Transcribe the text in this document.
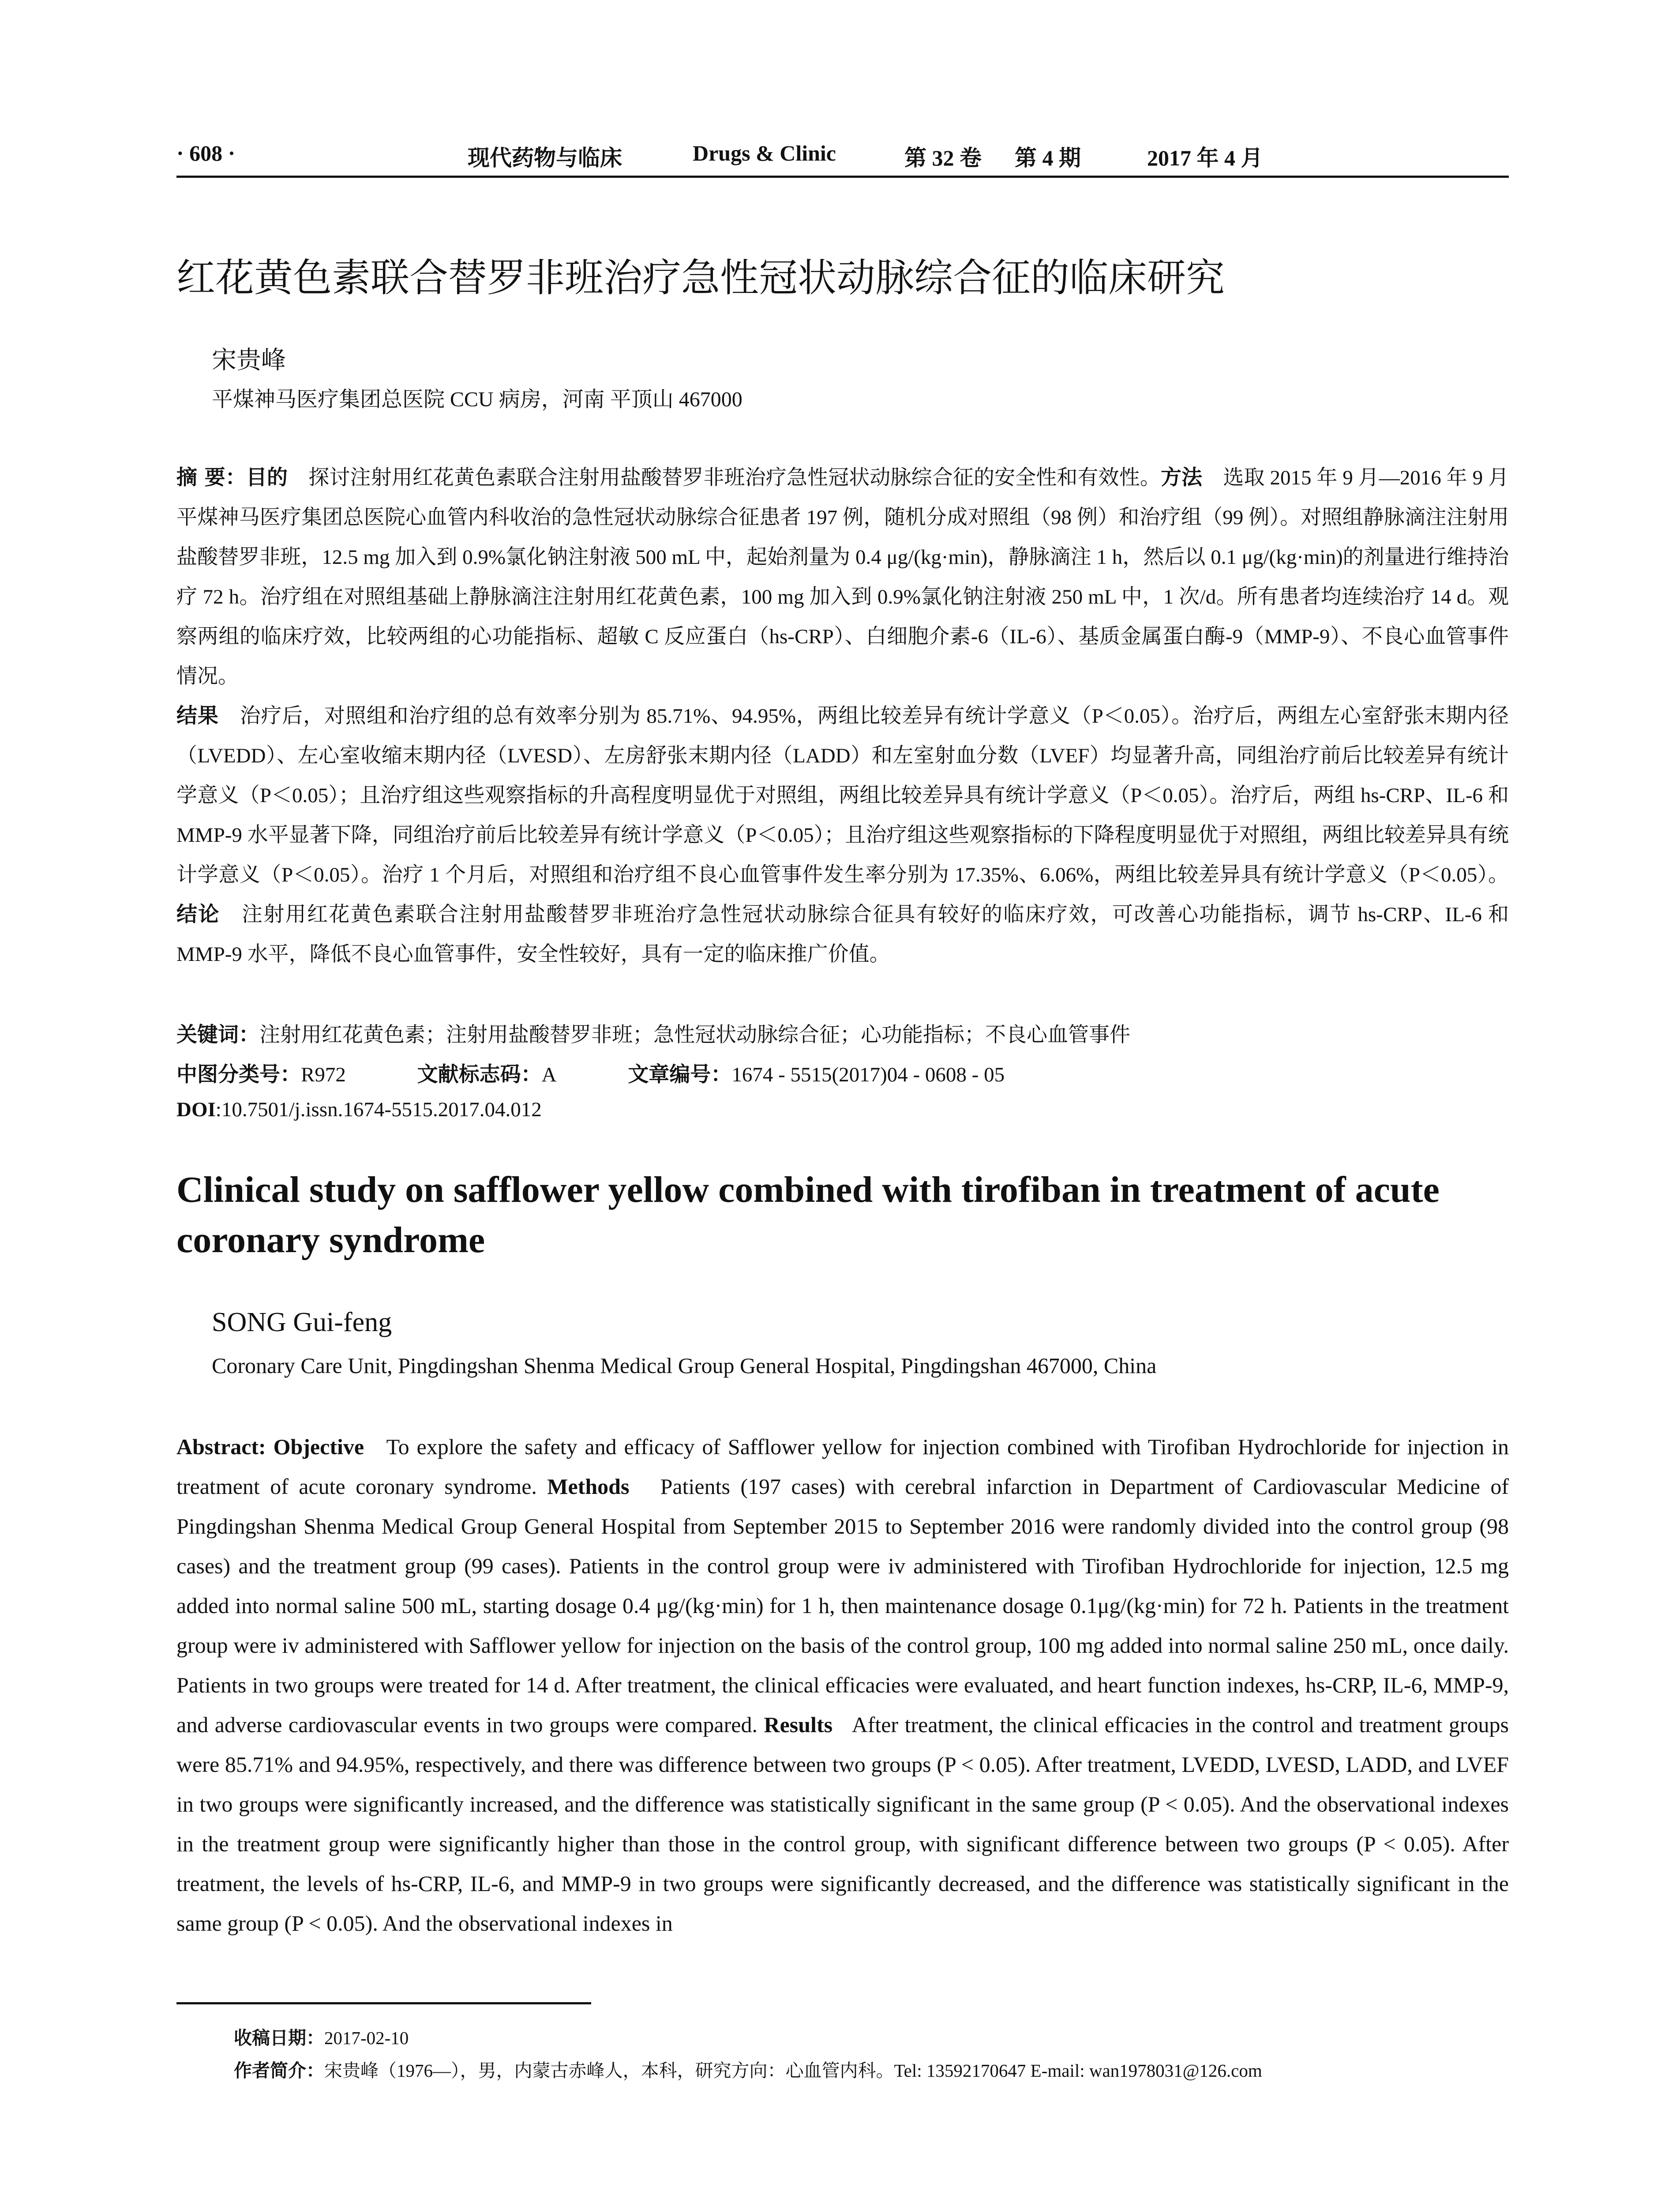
· 608 ·	现代药物与临床	Drugs & Clinic	第 32 卷 第 4 期	2017 年 4 月
红花黄色素联合替罗非班治疗急性冠状动脉综合征的临床研究
宋贵峰
平煤神马医疗集团总医院 CCU 病房，河南 平顶山 467000
摘 要：目的　 探讨注射用红花黄色素联合注射用盐酸替罗非班治疗急性冠状动脉综合征的安全性和有效性。方法　 选取 2015 年 9 月—2016 年 9 月平煤神马医疗集团总医院心血管内科收治的急性冠状动脉综合征患者 197 例，随机分成对照组（98 例）和治疗组（99 例）。对照组静脉滴注注射用盐酸替罗非班，12.5 mg 加入到 0.9%氯化钠注射液 500 mL 中，起始剂量为 0.4 μg/(kg·min)，静脉滴注 1 h，然后以 0.1 μg/(kg·min)的剂量进行维持治疗 72 h。治疗组在对照组基础上静脉滴注注射用红花黄色素，100 mg 加入到 0.9%氯化钠注射液 250 mL 中，1 次/d。所有患者均连续治疗 14 d。观察两组的临床疗效，比较两组的心功能指标、超敏 C 反应蛋白（hs-CRP）、白细胞介素-6（IL-6）、基质金属蛋白酶-9（MMP-9）、不良心血管事件情况。
结果　 治疗后，对照组和治疗组的总有效率分别为 85.71%、94.95%，两组比较差异有统计学意义（P＜0.05）。治疗后，两组左心室舒张末期内径（LVEDD）、左心室收缩末期内径（LVESD）、左房舒张末期内径（LADD）和左室射血分数（LVEF）均显著升高，同组治疗前后比较差异有统计学意义（P＜0.05）；且治疗组这些观察指标的升高程度明显优于对照组，两组比较差异具有统计学意义（P＜0.05）。治疗后，两组 hs-CRP、IL-6 和 MMP-9 水平显著下降，同组治疗前后比较差异有统计学意义（P＜0.05）；且治疗组这些观察指标的下降程度明显优于对照组，两组比较差异具有统计学意义（P＜0.05）。治疗 1 个月后，对照组和治疗组不良心血管事件发生率分别为 17.35%、6.06%，两组比较差异具有统计学意义（P＜0.05）。结论　 注射用红花黄色素联合注射用盐酸替罗非班治疗急性冠状动脉综合征具有较好的临床疗效，可改善心功能指标，调节 hs-CRP、IL-6 和 MMP-9 水平，降低不良心血管事件，安全性较好，具有一定的临床推广价值。
关键词：注射用红花黄色素；注射用盐酸替罗非班；急性冠状动脉综合征；心功能指标；不良心血管事件
中图分类号：R972	文献标志码：A	文章编号：1674 - 5515(2017)04 - 0608 - 05
DOI:10.7501/j.issn.1674-5515.2017.04.012
Clinical study on safflower yellow combined with tirofiban in treatment of acute coronary syndrome
SONG Gui-feng
Coronary Care Unit, Pingdingshan Shenma Medical Group General Hospital, Pingdingshan 467000, China
Abstract: Objective To explore the safety and efficacy of Safflower yellow for injection combined with Tirofiban Hydrochloride for injection in treatment of acute coronary syndrome. Methods Patients (197 cases) with cerebral infarction in Department of Cardiovascular Medicine of Pingdingshan Shenma Medical Group General Hospital from September 2015 to September 2016 were randomly divided into the control group (98 cases) and the treatment group (99 cases). Patients in the control group were iv administered with Tirofiban Hydrochloride for injection, 12.5 mg added into normal saline 500 mL, starting dosage 0.4 μg/(kg·min) for 1 h, then maintenance dosage 0.1μg/(kg·min) for 72 h. Patients in the treatment group were iv administered with Safflower yellow for injection on the basis of the control group, 100 mg added into normal saline 250 mL, once daily. Patients in two groups were treated for 14 d. After treatment, the clinical efficacies were evaluated, and heart function indexes, hs-CRP, IL-6, MMP-9, and adverse cardiovascular events in two groups were compared. Results After treatment, the clinical efficacies in the control and treatment groups were 85.71% and 94.95%, respectively, and there was difference between two groups (P < 0.05). After treatment, LVEDD, LVESD, LADD, and LVEF in two groups were significantly increased, and the difference was statistically significant in the same group (P < 0.05). And the observational indexes in the treatment group were significantly higher than those in the control group, with significant difference between two groups (P < 0.05). After treatment, the levels of hs-CRP, IL-6, and MMP-9 in two groups were significantly decreased, and the difference was statistically significant in the same group (P < 0.05). And the observational indexes in
收稿日期：2017-02-10
作者简介：宋贵峰（1976—），男，内蒙古赤峰人，本科，研究方向：心血管内科。Tel: 13592170647 E-mail: wan1978031@126.com
